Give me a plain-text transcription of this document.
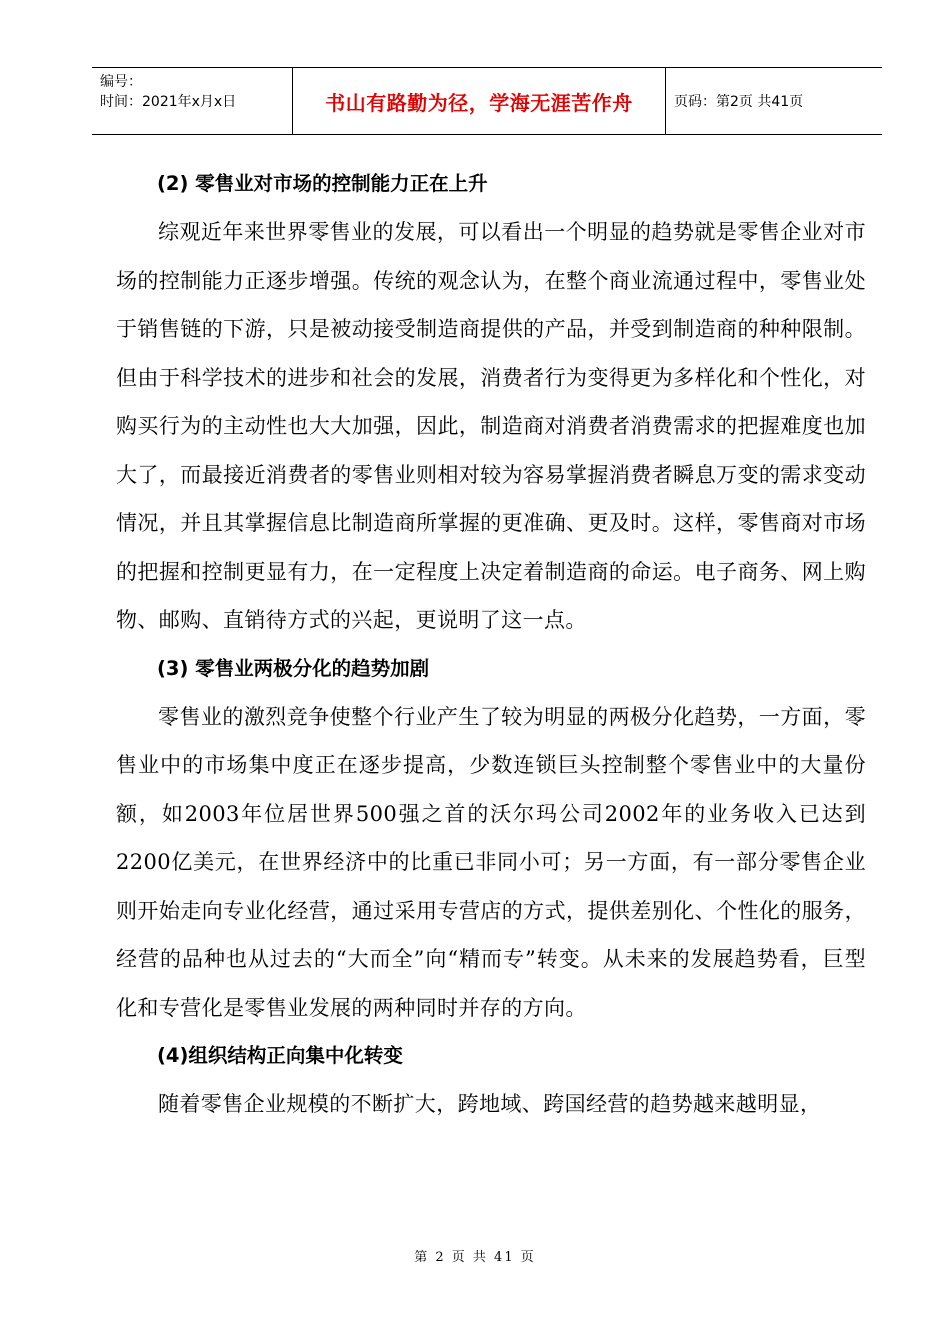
编号：
时间：2021年x月x日	书山有路勤为径，学海无涯苦作舟	页码：第2页 共41页
(2) 零售业对市场的控制能力正在上升

综观近年来世界零售业的发展，可以看出一个明显的趋势就是零售企业对市场的控制能力正逐步增强。传统的观念认为，在整个商业流通过程中，零售业处于销售链的下游，只是被动接受制造商提供的产品，并受到制造商的种种限制。但由于科学技术的进步和社会的发展，消费者行为变得更为多样化和个性化，对购买行为的主动性也大大加强，因此，制造商对消费者消费需求的把握难度也加大了，而最接近消费者的零售业则相对较为容易掌握消费者瞬息万变的需求变动情况，并且其掌握信息比制造商所掌握的更准确、更及时。这样，零售商对市场的把握和控制更显有力，在一定程度上决定着制造商的命运。电子商务、网上购物、邮购、直销待方式的兴起，更说明了这一点。

(3) 零售业两极分化的趋势加剧

零售业的激烈竞争使整个行业产生了较为明显的两极分化趋势，一方面，零售业中的市场集中度正在逐步提高，少数连锁巨头控制整个零售业中的大量份额，如2003年位居世界500强之首的沃尔玛公司2002年的业务收入已达到2200亿美元，在世界经济中的比重已非同小可；另一方面，有一部分零售企业则开始走向专业化经营，通过采用专营店的方式，提供差别化、个性化的服务，经营的品种也从过去的“大而全”向“精而专”转变。从未来的发展趋势看，巨型化和专营化是零售业发展的两种同时并存的方向。

(4)组织结构正向集中化转变

随着零售企业规模的不断扩大，跨地域、跨国经营的趋势越来越明显，

第 2 页 共 41 页
